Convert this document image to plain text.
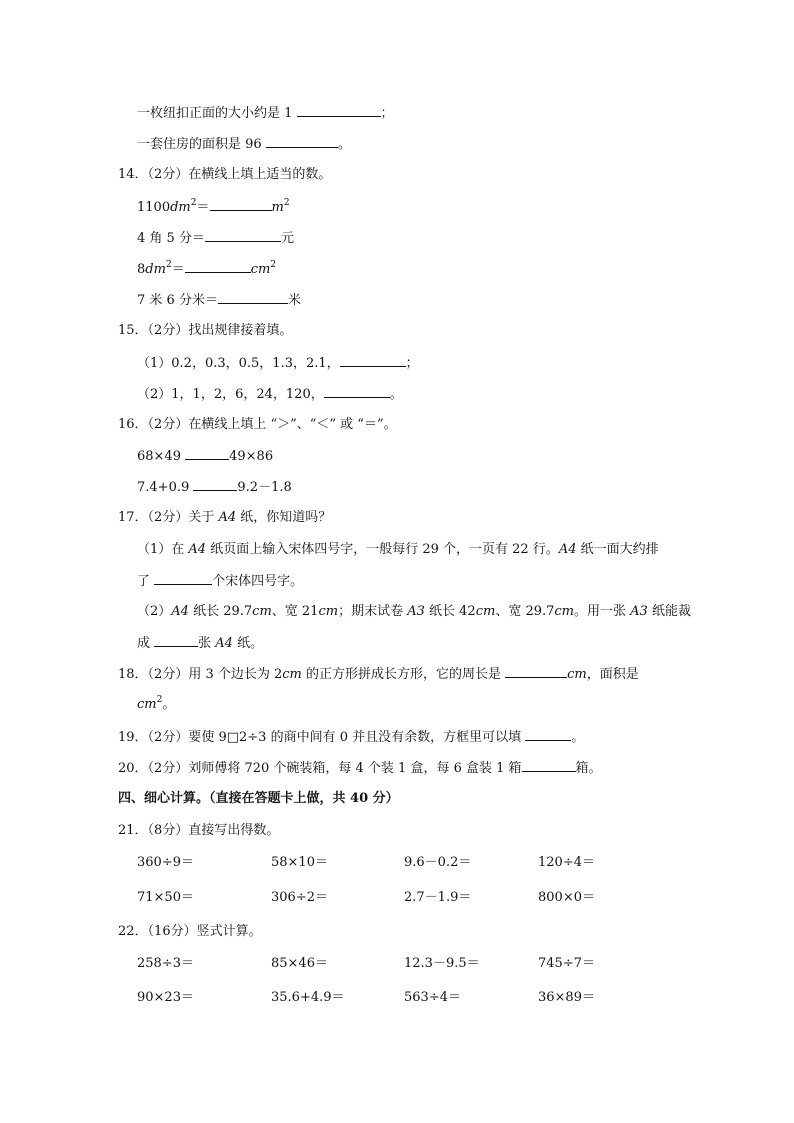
一枚纽扣正面的大小约是 1	；
一套住房的面积是 96	。
14．（2分）在横线上填上适当的数。
$1100dm^2=$	$m^2$
4 角 5 分＝	元
$8dm^2=$	$cm^2$
7 米 6 分米＝	米
15．（2分）找出规律接着填。
（1）0.2，0.3，0.5，1.3，2.1，	；
（2）1，1，2，6，24，120，	。
16．（2分）在横线上填上 “＞”、“＜” 或 “＝”。
68×49	49×86
7.4+0.9	9.2－1.8
17．（2分）关于 A4 纸，你知道吗？
（1）在 A4 纸页面上输入宋体四号字，一般每行 29 个，一页有 22 行。A4 纸一面大约排
了	个宋体四号字。
（2）A4 纸长 29.7cm、宽 21cm；期末试卷 A3 纸长 42cm、宽 29.7cm。用一张 A3 纸能裁
成	张 A4 纸。
18．（2分）用 3 个边长为 2cm 的正方形拼成长方形，它的周长是	cm，面积是
$cm^2$。
19．（2分）要使 9□2÷3 的商中间有 0 并且没有余数，方框里可以填	。
20．（2分）刘师傅将 720 个碗装箱，每 4 个装 1 盒，每 6 盒装 1 箱	箱。
四、细心计算。（直接在答题卡上做，共 40 分）
21．（8分）直接写出得数。
360÷9＝	58×10＝	9.6－0.2＝	120÷4＝
71×50＝	306÷2＝	2.7－1.9＝	800×0＝
22．（16分）竖式计算。
258÷3＝	85×46＝	12.3－9.5＝	745÷7＝
90×23＝	35.6+4.9＝	563÷4＝	36×89＝
